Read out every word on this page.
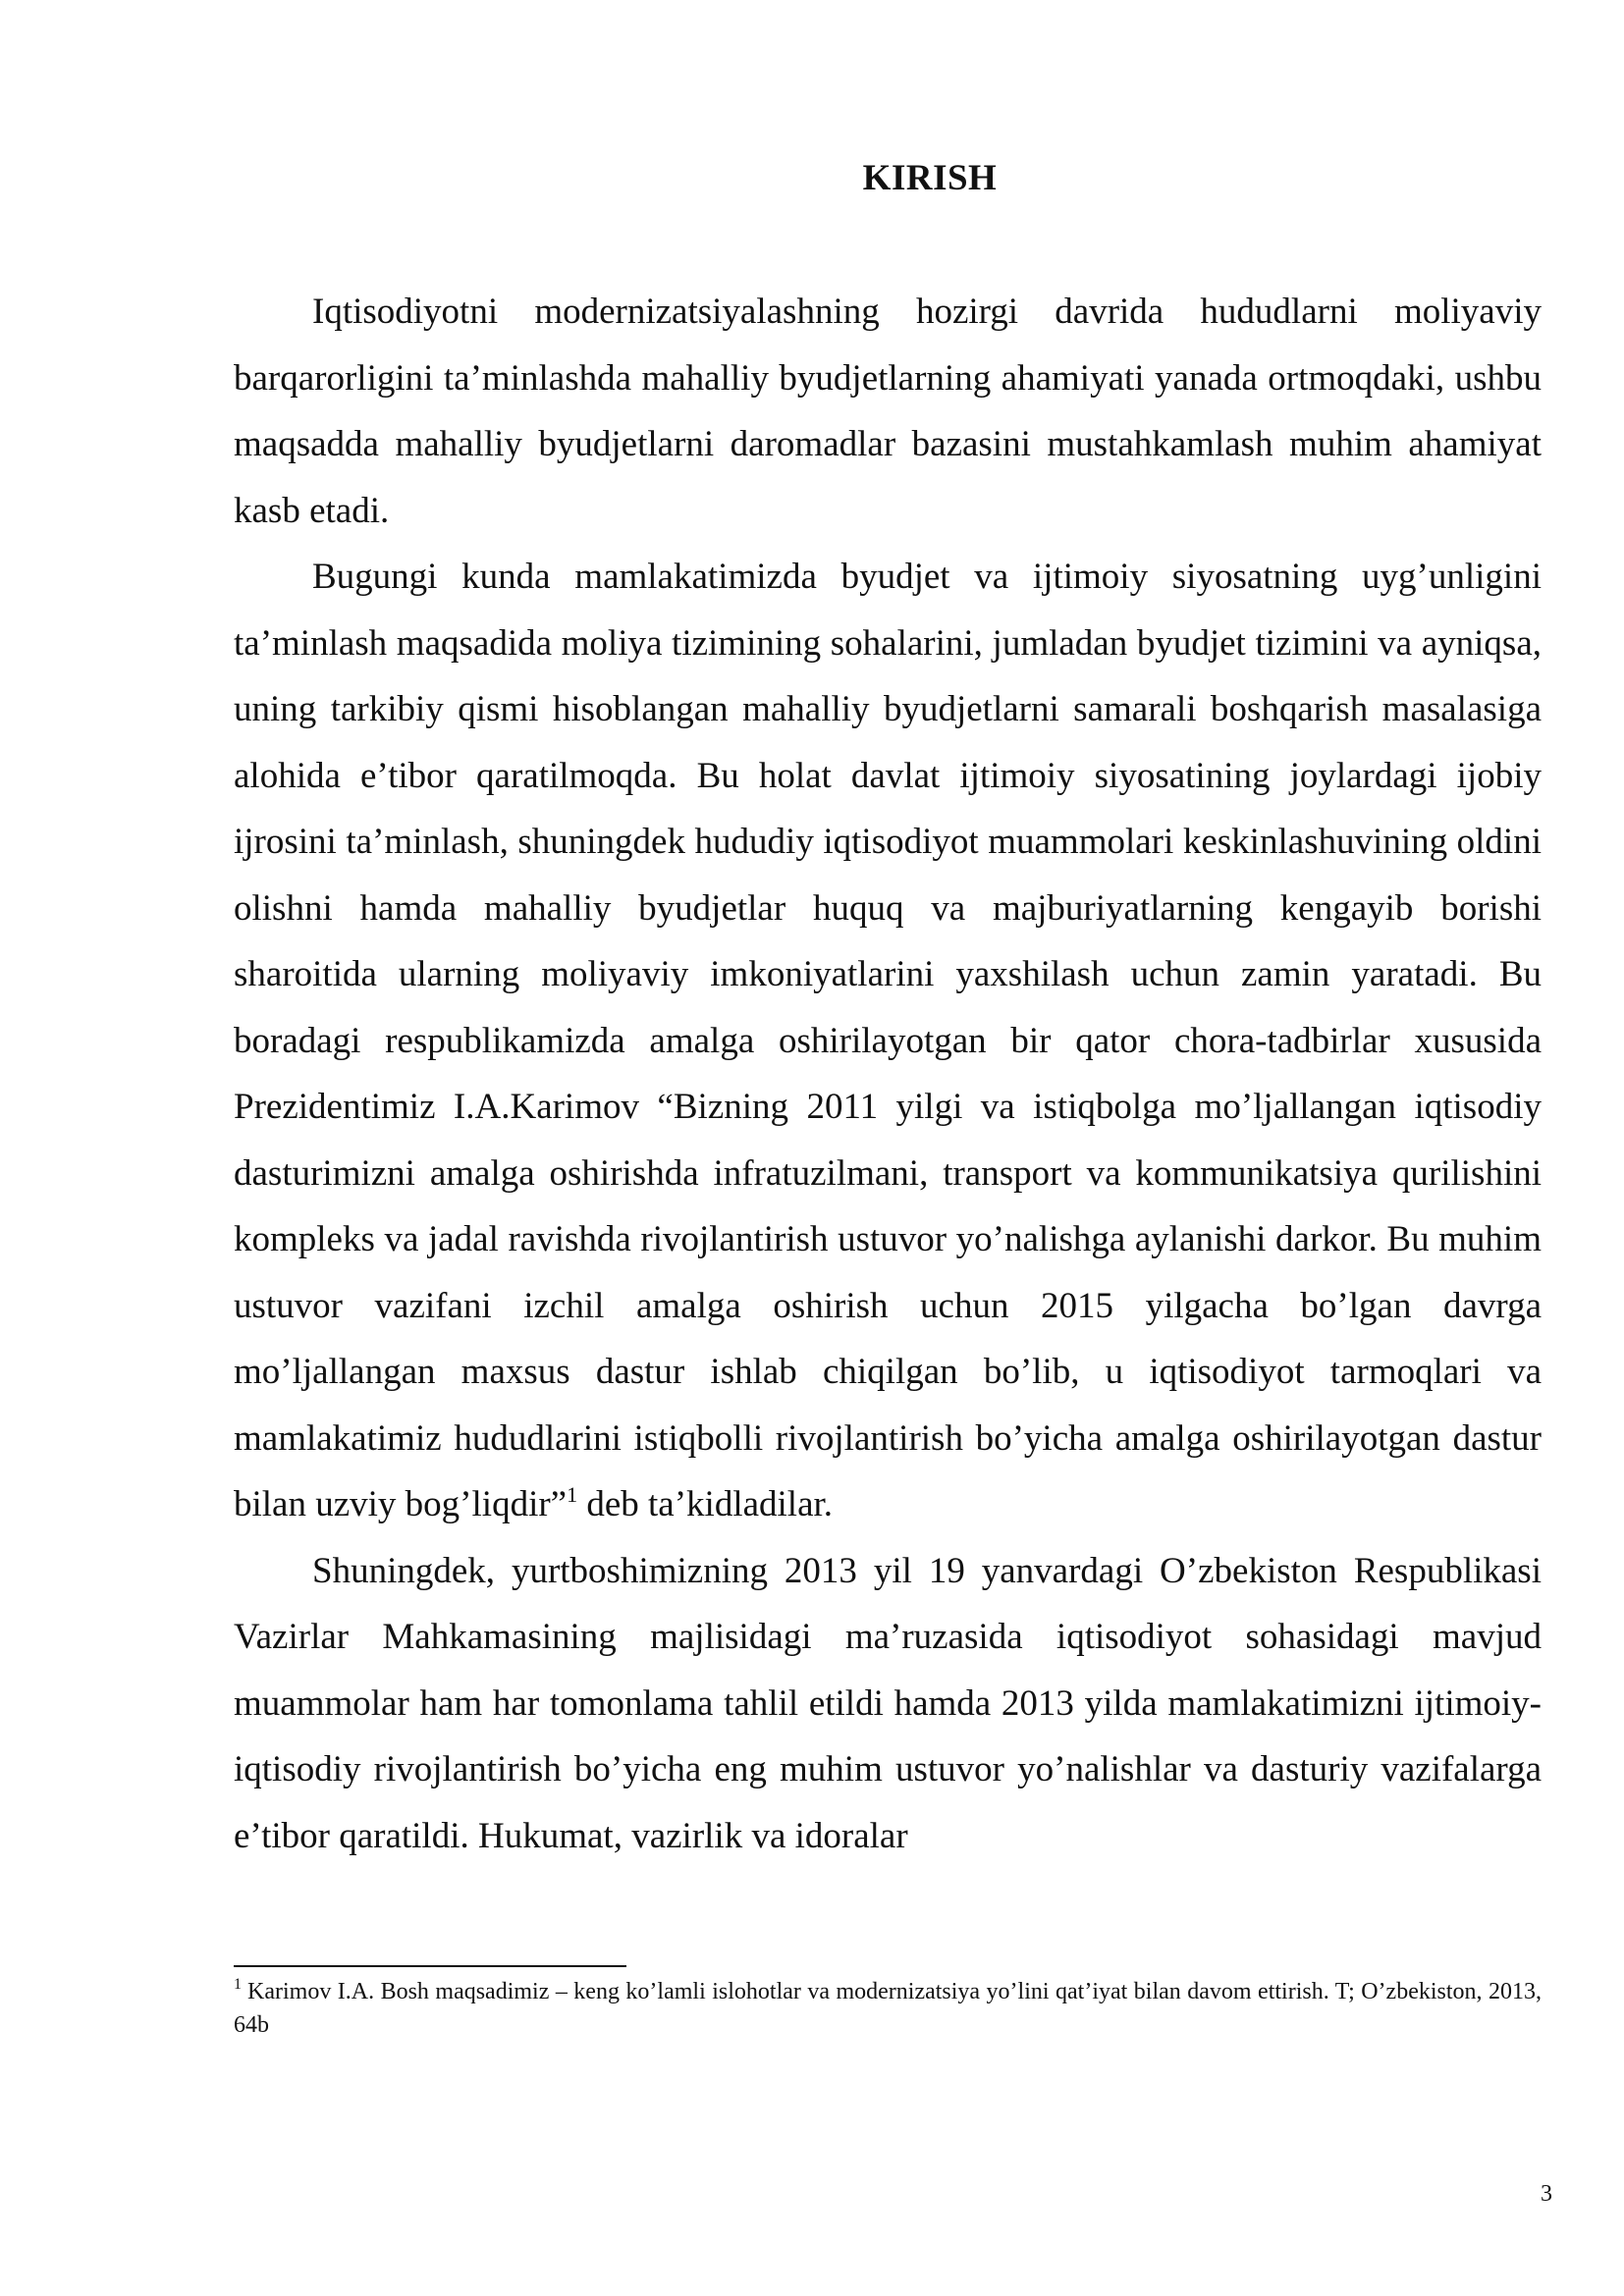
KIRISH

Iqtisodiyotni modernizatsiyalashning hozirgi davrida hududlarni moliyaviy barqarorligini ta’minlashda mahalliy byudjetlarning ahamiyati yanada ortmoqdaki, ushbu maqsadda mahalliy byudjetlarni daromadlar bazasini mustahkamlash muhim ahamiyat kasb etadi.

Bugungi kunda mamlakatimizda byudjet va ijtimoiy siyosatning uyg’unligini ta’minlash maqsadida moliya tizimining sohalarini, jumladan byudjet tizimini va ayniqsa, uning tarkibiy qismi hisoblangan mahalliy byudjetlarni samarali boshqarish masalasiga alohida e’tibor qaratilmoqda. Bu holat davlat ijtimoiy siyosatining joylardagi ijobiy ijrosini ta’minlash, shuningdek hududiy iqtisodiyot muammolari keskinlashuvining oldini olishni hamda mahalliy byudjetlar huquq va majburiyatlarning kengayib borishi sharoitida ularning moliyaviy imkoniyatlarini yaxshilash uchun zamin yaratadi. Bu boradagi respublikamizda amalga oshirilayotgan bir qator chora-tadbirlar xususida Prezidentimiz I.A.Karimov “Bizning 2011 yilgi va istiqbolga mo’ljallangan iqtisodiy dasturimizni amalga oshirishda infratuzilmani, transport va kommunikatsiya qurilishini kompleks va jadal ravishda rivojlantirish ustuvor yo’nalishga aylanishi darkor. Bu muhim ustuvor vazifani izchil amalga oshirish uchun 2015 yilgacha bo’lgan davrga mo’ljallangan maxsus dastur ishlab chiqilgan bo’lib, u iqtisodiyot tarmoqlari va mamlakatimiz hududlarini istiqbolli rivojlantirish bo’yicha amalga oshirilayotgan dastur bilan uzviy bog’liqdir”$^1$ deb ta’kidladilar.

Shuningdek, yurtboshimizning 2013 yil 19 yanvardagi O’zbekiston Respublikasi Vazirlar Mahkamasining majlisidagi ma’ruzasida iqtisodiyot sohasidagi mavjud muammolar ham har tomonlama tahlil etildi hamda 2013 yilda mamlakatimizni ijtimoiy-iqtisodiy rivojlantirish bo’yicha eng muhim ustuvor yo’nalishlar va dasturiy vazifalarga e’tibor qaratildi. Hukumat, vazirlik va idoralar

$^1$ Karimov I.A. Bosh maqsadimiz – keng ko’lamli islohotlar va modernizatsiya yo’lini qat’iyat bilan davom ettirish. T; O’zbekiston, 2013, 64b

3
